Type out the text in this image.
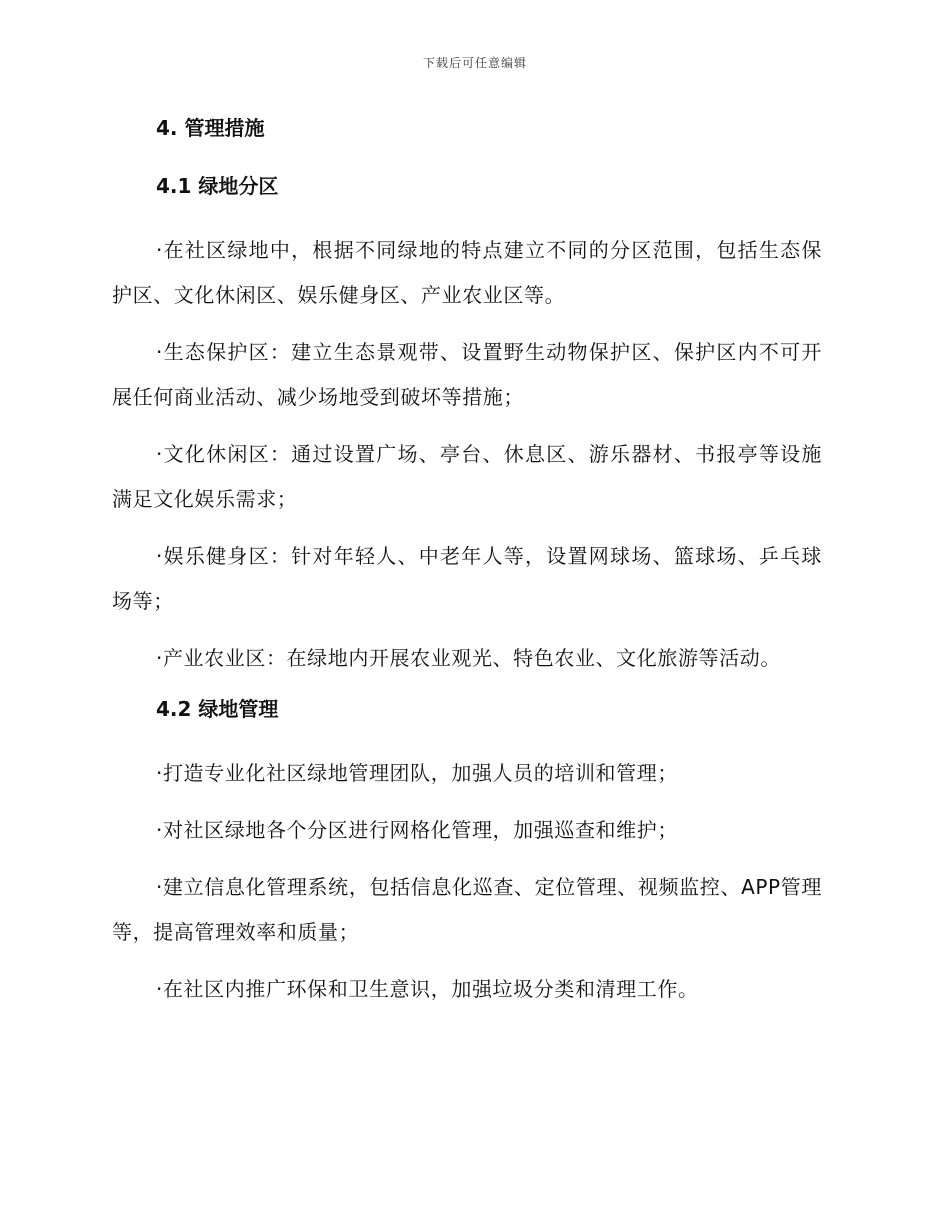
下载后可任意编辑
4. 管理措施
4.1 绿地分区

·在社区绿地中，根据不同绿地的特点建立不同的分区范围，包括生态保护区、文化休闲区、娱乐健身区、产业农业区等。

·生态保护区：建立生态景观带、设置野生动物保护区、保护区内不可开展任何商业活动、减少场地受到破坏等措施；

·文化休闲区：通过设置广场、亭台、休息区、游乐器材、书报亭等设施满足文化娱乐需求；

·娱乐健身区：针对年轻人、中老年人等，设置网球场、篮球场、乒乓球场等；

·产业农业区：在绿地内开展农业观光、特色农业、文化旅游等活动。

4.2 绿地管理

·打造专业化社区绿地管理团队，加强人员的培训和管理；

·对社区绿地各个分区进行网格化管理，加强巡查和维护；

·建立信息化管理系统，包括信息化巡查、定位管理、视频监控、APP管理等，提高管理效率和质量；

·在社区内推广环保和卫生意识，加强垃圾分类和清理工作。
